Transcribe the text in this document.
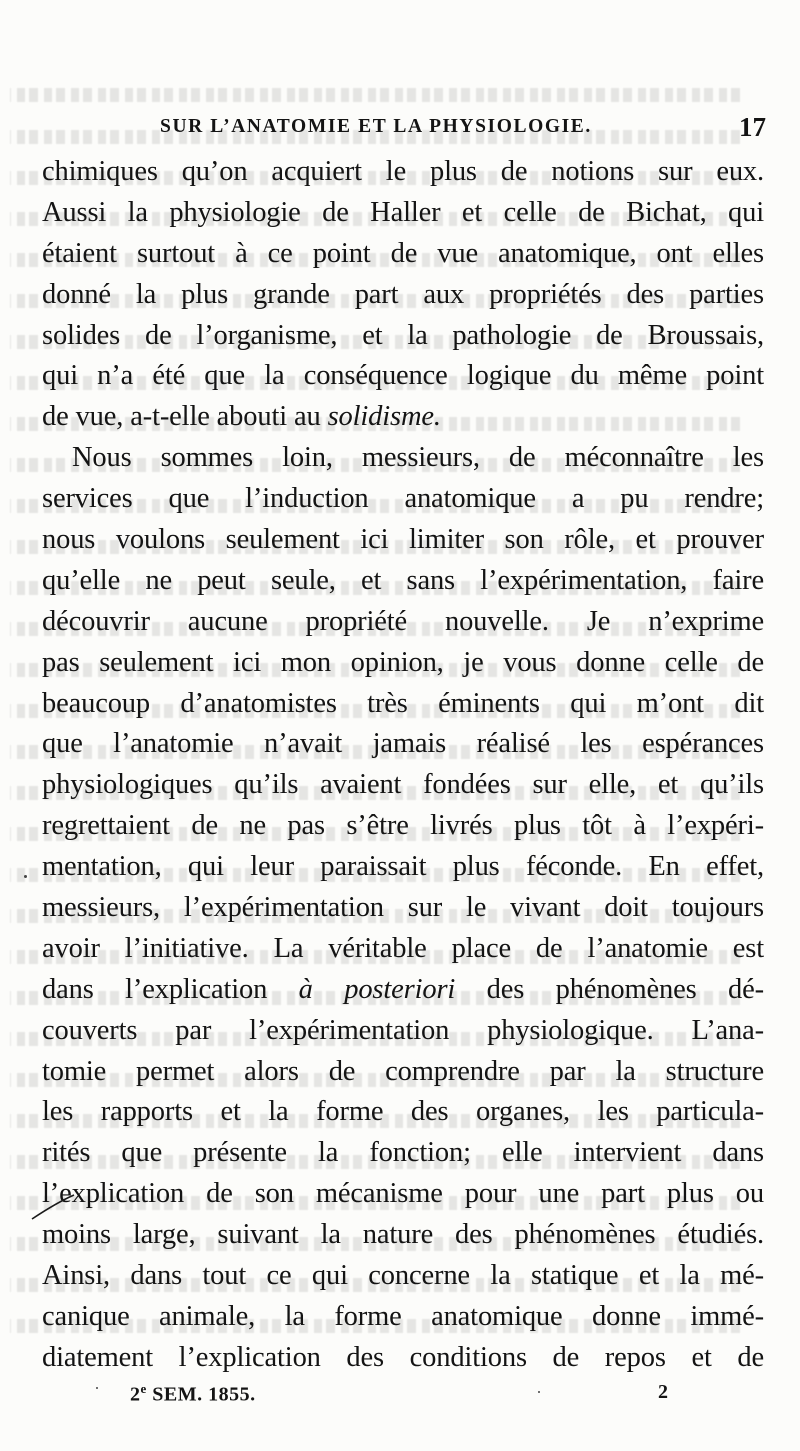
SUR L’ANATOMIE ET LA PHYSIOLOGIE.	17
chimiques qu’on acquiert le plus de notions sur eux.
Aussi la physiologie de Haller et celle de Bichat, qui
étaient surtout à ce point de vue anatomique, ont elles
donné la plus grande part aux propriétés des parties
solides de l’organisme, et la pathologie de Broussais,
qui n’a été que la conséquence logique du même point
de vue, a-t-elle abouti au solidisme.
Nous sommes loin, messieurs, de méconnaître les
services que l’induction anatomique a pu rendre;
nous voulons seulement ici limiter son rôle, et prouver
qu’elle ne peut seule, et sans l’expérimentation, faire
découvrir aucune propriété nouvelle. Je n’exprime
pas seulement ici mon opinion, je vous donne celle de
beaucoup d’anatomistes très éminents qui m’ont dit
que l’anatomie n’avait jamais réalisé les espérances
physiologiques qu’ils avaient fondées sur elle, et qu’ils
regrettaient de ne pas s’être livrés plus tôt à l’expéri-
mentation, qui leur paraissait plus féconde. En effet,
messieurs, l’expérimentation sur le vivant doit toujours
avoir l’initiative. La véritable place de l’anatomie est
dans l’explication à posteriori des phénomènes dé-
couverts par l’expérimentation physiologique. L’ana-
tomie permet alors de comprendre par la structure
les rapports et la forme des organes, les particula-
rités que présente la fonction; elle intervient dans
l’explication de son mécanisme pour une part plus ou
moins large, suivant la nature des phénomènes étudiés.
Ainsi, dans tout ce qui concerne la statique et la mé-
canique animale, la forme anatomique donne immé-
diatement l’explication des conditions de repos et de
2e SEM. 1855.	2
